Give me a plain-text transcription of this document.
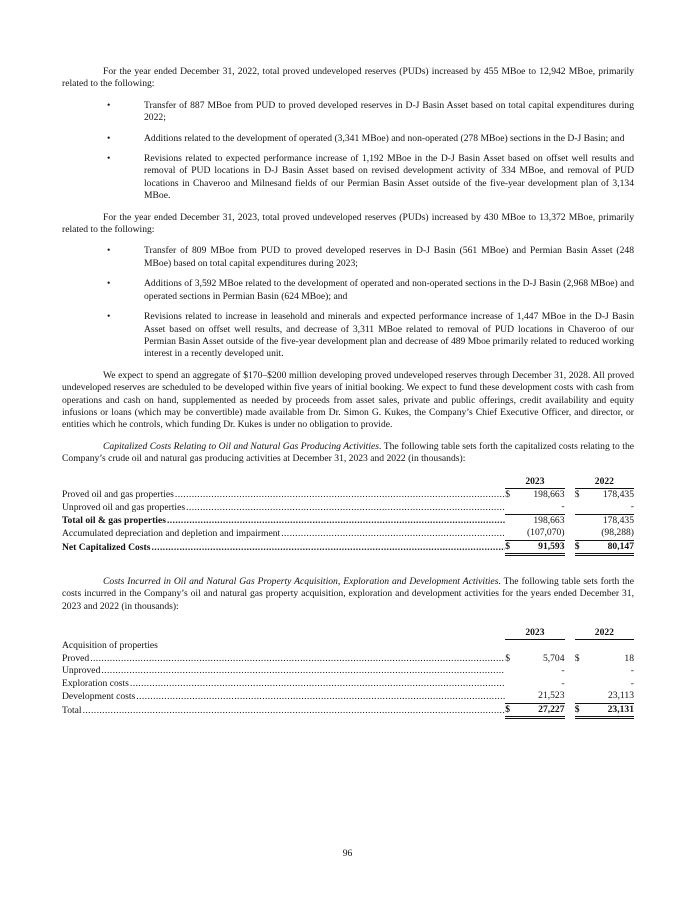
For the year ended December 31, 2022, total proved undeveloped reserves (PUDs) increased by 455 MBoe to 12,942 MBoe, primarily related to the following:

•	Transfer of 887 MBoe from PUD to proved developed reserves in D-J Basin Asset based on total capital expenditures during 2022;
•	Additions related to the development of operated (3,341 MBoe) and non-operated (278 MBoe) sections in the D-J Basin; and
•	Revisions related to expected performance increase of 1,192 MBoe in the D-J Basin Asset based on offset well results and removal of PUD locations in D-J Basin Asset based on revised development activity of 334 MBoe, and removal of PUD locations in Chaveroo and Milnesand fields of our Permian Basin Asset outside of the five-year development plan of 3,134 MBoe.

For the year ended December 31, 2023, total proved undeveloped reserves (PUDs) increased by 430 MBoe to 13,372 MBoe, primarily related to the following:

•	Transfer of 809 MBoe from PUD to proved developed reserves in D-J Basin (561 MBoe) and Permian Basin Asset (248 MBoe) based on total capital expenditures during 2023;
•	Additions of 3,592 MBoe related to the development of operated and non-operated sections in the D-J Basin (2,968 MBoe) and operated sections in Permian Basin (624 MBoe); and
•	Revisions related to increase in leasehold and minerals and expected performance increase of 1,447 MBoe in the D-J Basin Asset based on offset well results, and decrease of 3,311 MBoe related to removal of PUD locations in Chaveroo of our Permian Basin Asset outside of the five-year development plan and decrease of 489 Mboe primarily related to reduced working interest in a recently developed unit.

We expect to spend an aggregate of $170–$200 million developing proved undeveloped reserves through December 31, 2028. All proved undeveloped reserves are scheduled to be developed within five years of initial booking. We expect to fund these development costs with cash from operations and cash on hand, supplemented as needed by proceeds from asset sales, private and public offerings, credit availability and equity infusions or loans (which may be convertible) made available from Dr. Simon G. Kukes, the Company’s Chief Executive Officer, and director, or entities which he controls, which funding Dr. Kukes is under no obligation to provide.

Capitalized Costs Relating to Oil and Natural Gas Producing Activities. The following table sets forth the capitalized costs relating to the Company’s crude oil and natural gas producing activities at December 31, 2023 and 2022 (in thousands):

	2023			2022	

Proved oil and gas properties .....	$	198,663		$	178,435

Unproved oil and gas properties .....		-			-

Total oil & gas properties .....		198,663			178,435

Accumulated depreciation and depletion and impairment .....		(107,070)			(98,288)

Net Capitalized Costs .....	$	91,593		$	80,147

Costs Incurred in Oil and Natural Gas Property Acquisition, Exploration and Development Activities. The following table sets forth the costs incurred in the Company’s oil and natural gas property acquisition, exploration and development activities for the years ended December 31, 2023 and 2022 (in thousands):

	2023			2022	
Acquisition of properties					

Proved .....	$	5,704		$	18

Unproved .....		-			-

Exploration costs .....		-			-

Development costs .....		21,523			23,113

Total .....	$	27,227		$	23,131
96
